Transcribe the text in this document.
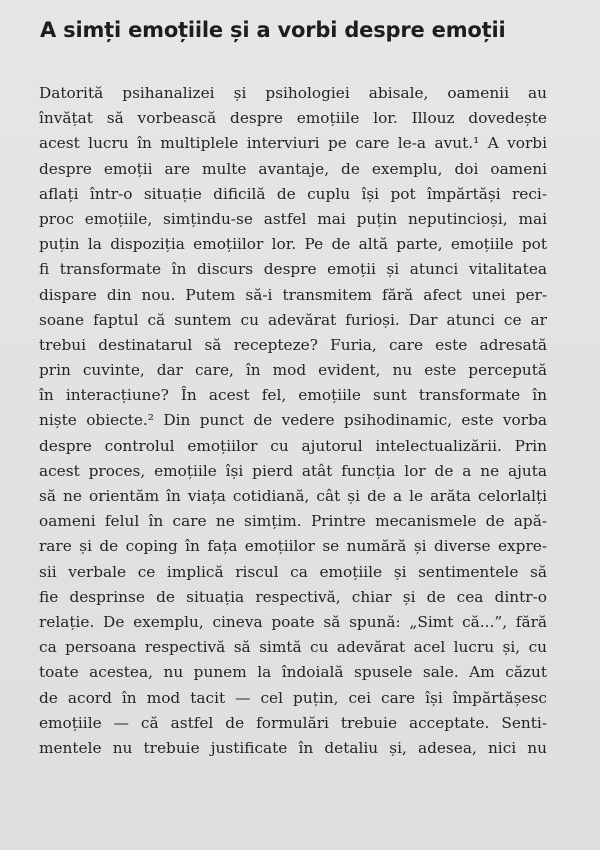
A simți emoțiile și a vorbi despre emoții
Datorită psihanalizei și psihologiei abisale, oamenii au
învățat să vorbească despre emoțiile lor. Illouz dovedește
acest lucru în multiplele interviuri pe care le-a avut.¹ A vorbi
despre emoții are multe avantaje, de exemplu, doi oameni
aflați într-o situație dificilă de cuplu își pot împărtăși reci-
proc emoțiile, simțindu-se astfel mai puțin neputincioși, mai
puțin la dispoziția emoțiilor lor. Pe de altă parte, emoțiile pot
fi transformate în discurs despre emoții și atunci vitalitatea
dispare din nou. Putem să-i transmitem fără afect unei per-
soane faptul că suntem cu adevărat furioși. Dar atunci ce ar
trebui destinatarul să recepteze? Furia, care este adresată
prin cuvinte, dar care, în mod evident, nu este percepută
în interacțiune? În acest fel, emoțiile sunt transformate în
niște obiecte.² Din punct de vedere psihodinamic, este vorba
despre controlul emoțiilor cu ajutorul intelectualizării. Prin
acest proces, emoțiile își pierd atât funcția lor de a ne ajuta
să ne orientăm în viața cotidiană, cât și de a le arăta celorlalți
oameni felul în care ne simțim. Printre mecanismele de apă-
rare și de coping în fața emoțiilor se numără și diverse expre-
sii verbale ce implică riscul ca emoțiile și sentimentele să
fie desprinse de situația respectivă, chiar și de cea dintr-o
relație. De exemplu, cineva poate să spună: „Simt că...”, fără
ca persoana respectivă să simtă cu adevărat acel lucru și, cu
toate acestea, nu punem la îndoială spusele sale. Am căzut
de acord în mod tacit — cel puțin, cei care își împărtășesc
emoțiile — că astfel de formulări trebuie acceptate. Senti-
mentele nu trebuie justificate în detaliu și, adesea, nici nu
